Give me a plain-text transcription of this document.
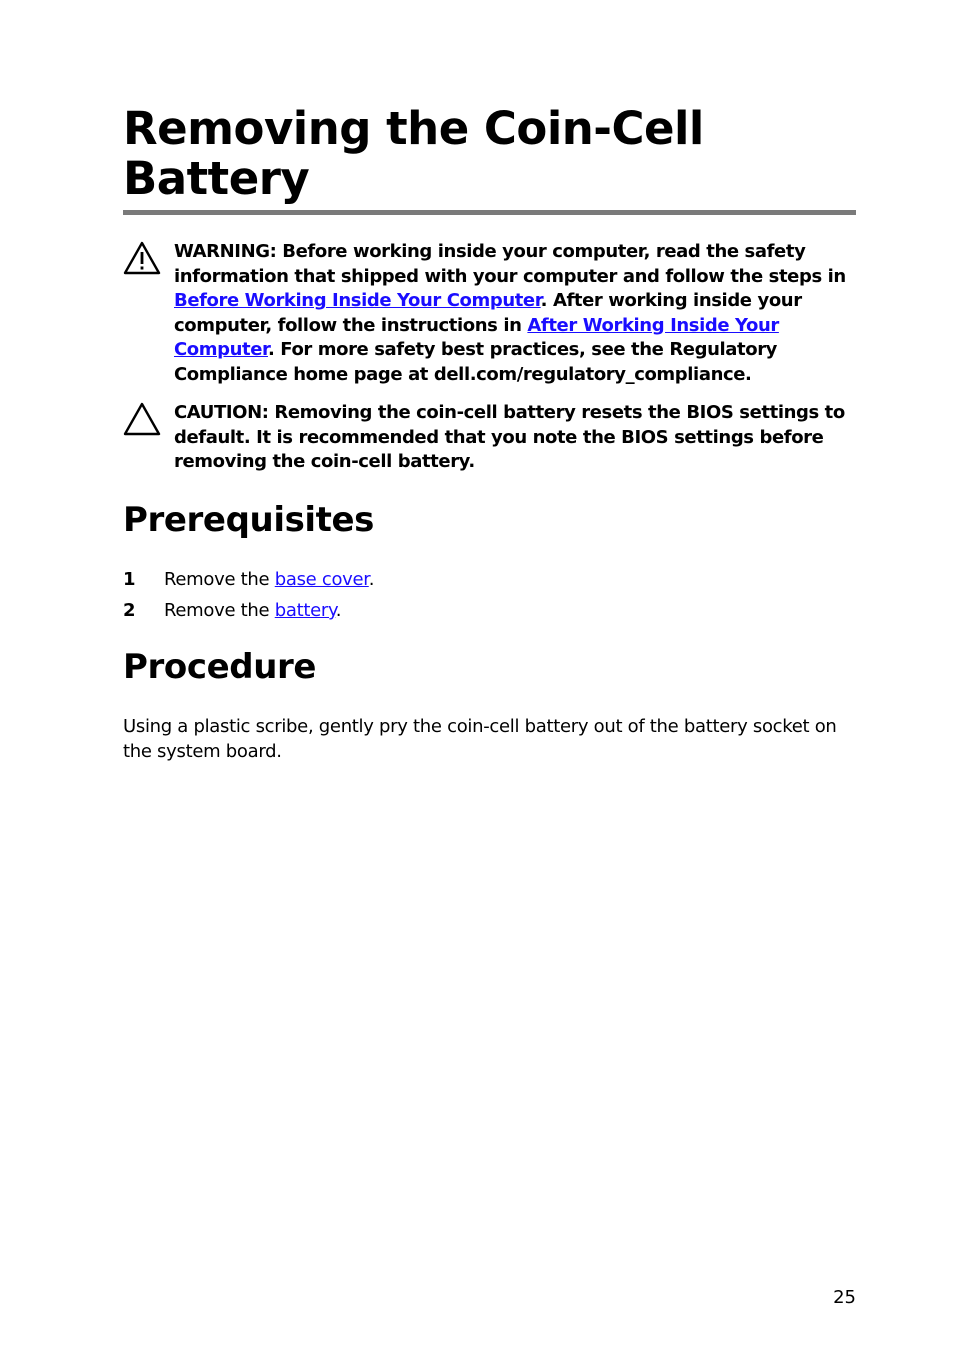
Removing the Coin-Cell Battery

WARNING: Before working inside your computer, read the safety information that shipped with your computer and follow the steps in Before Working Inside Your Computer. After working inside your computer, follow the instructions in After Working Inside Your Computer. For more safety best practices, see the Regulatory Compliance home page at dell.com/regulatory_compliance.

CAUTION: Removing the coin-cell battery resets the BIOS settings to default. It is recommended that you note the BIOS settings before removing the coin-cell battery.

Prerequisites
1 Remove the base cover.
2 Remove the battery.
Procedure

Using a plastic scribe, gently pry the coin-cell battery out of the battery socket on the system board.

25
